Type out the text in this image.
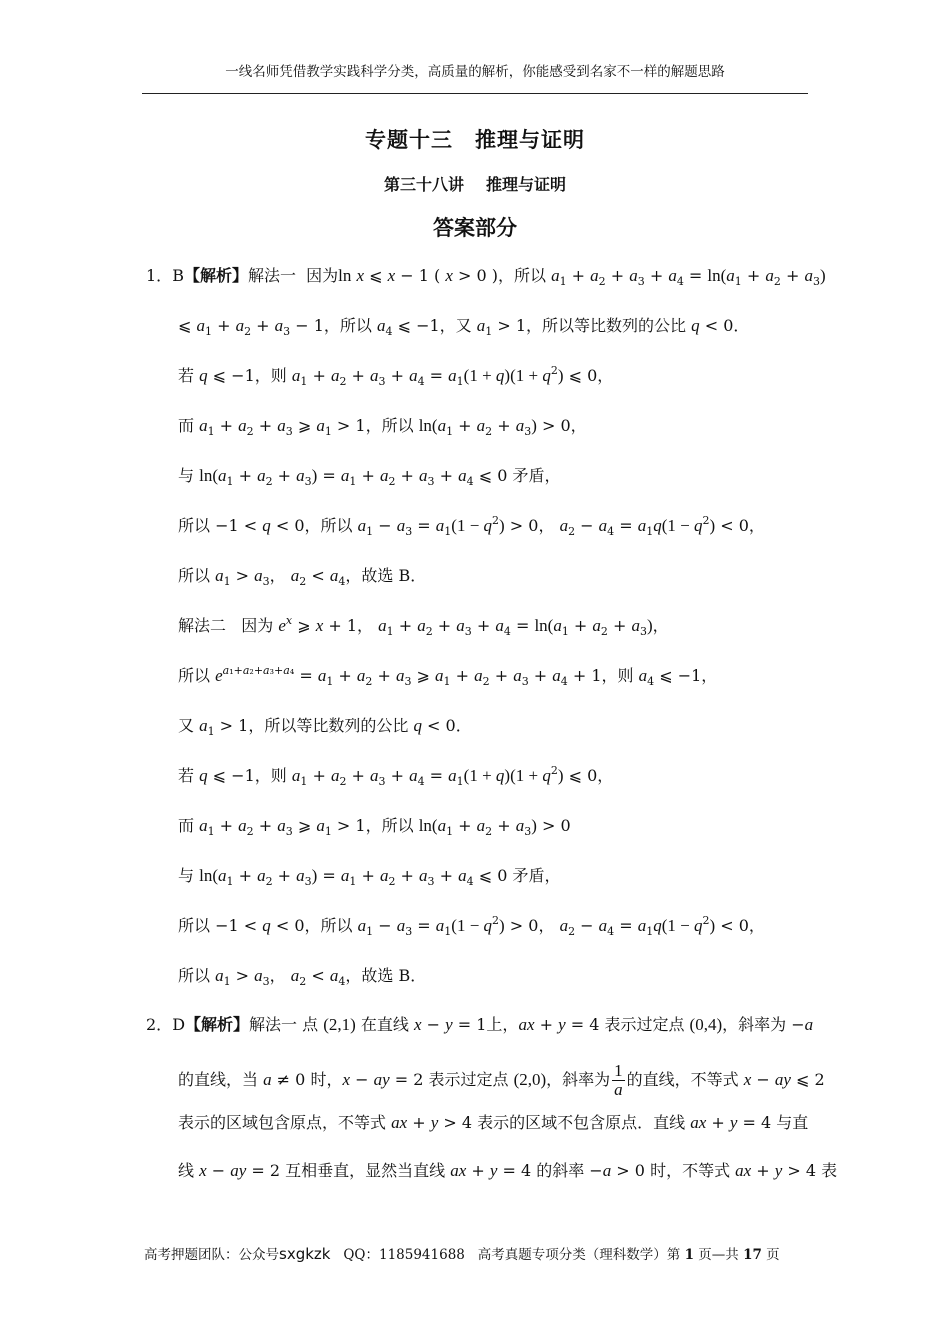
一线名师凭借教学实践科学分类，高质量的解析，你能感受到名家不一样的解题思路
专题十三 推理与证明
第三十八讲 推理与证明
答案部分
1．B【解析】解法一  因为ln x ⩽ x − 1 ( x > 0 )，所以 $a_1 + a_2 + a_3 + a_4 = \ln(a_1 + a_2 + a_3)$
⩽ $a_1 + a_2 + a_3 - 1$，所以 $a_4$ ⩽ −1，又 $a_1 > 1$，所以等比数列的公比 q < 0．
若 q ⩽ −1，则 $a_1 + a_2 + a_3 + a_4 = a_1(1 + q)(1 + q^2)$ ⩽ 0，
而 $a_1 + a_2 + a_3$ ⩾ $a_1 > 1$，所以 $\ln(a_1 + a_2 + a_3) > 0$，
与 $\ln(a_1 + a_2 + a_3) = a_1 + a_2 + a_3 + a_4$ ⩽ 0 矛盾，
所以 −1 < q < 0，所以 $a_1 - a_3 = a_1(1 - q^2) > 0$， $a_2 - a_4 = a_1q(1 - q^2) < 0$，
所以 $a_1 > a_3$， $a_2 < a_4$，故选 B．
解法二   因为 $e^x$ ⩾ x + 1， $a_1 + a_2 + a_3 + a_4 = \ln(a_1 + a_2 + a_3)$，
所以 $e^{a_1+a_2+a_3+a_4} = a_1 + a_2 + a_3$ ⩾ $a_1 + a_2 + a_3 + a_4 + 1$，则 $a_4$ ⩽ −1，
又 $a_1 > 1$，所以等比数列的公比 q < 0．
若 q ⩽ −1，则 $a_1 + a_2 + a_3 + a_4 = a_1(1 + q)(1 + q^2)$ ⩽ 0，
而 $a_1 + a_2 + a_3$ ⩾ $a_1 > 1$，所以 $\ln(a_1 + a_2 + a_3) > 0$
与 $\ln(a_1 + a_2 + a_3) = a_1 + a_2 + a_3 + a_4$ ⩽ 0 矛盾，
所以 −1 < q < 0，所以 $a_1 - a_3 = a_1(1 - q^2) > 0$， $a_2 - a_4 = a_1q(1 - q^2) < 0$，
所以 $a_1 > a_3$， $a_2 < a_4$，故选 B．
2．D【解析】解法一 点 (2,1) 在直线 x − y = 1上，ax + y = 4 表示过定点 (0,4)，斜率为 −a
的直线，当 a ≠ 0 时，x − ay = 2 表示过定点 (2,0)，斜率为 $\frac{1}{a}$ 的直线，不等式 x − ay ⩽ 2
表示的区域包含原点，不等式 ax + y > 4 表示的区域不包含原点．直线 ax + y = 4 与直
线 x − ay = 2 互相垂直，显然当直线 ax + y = 4 的斜率 −a > 0 时，不等式 ax + y > 4 表
高考押题团队：公众号sxgkzk QQ：1185941688 高考真题专项分类（理科数学）第 1 页—共 17 页
